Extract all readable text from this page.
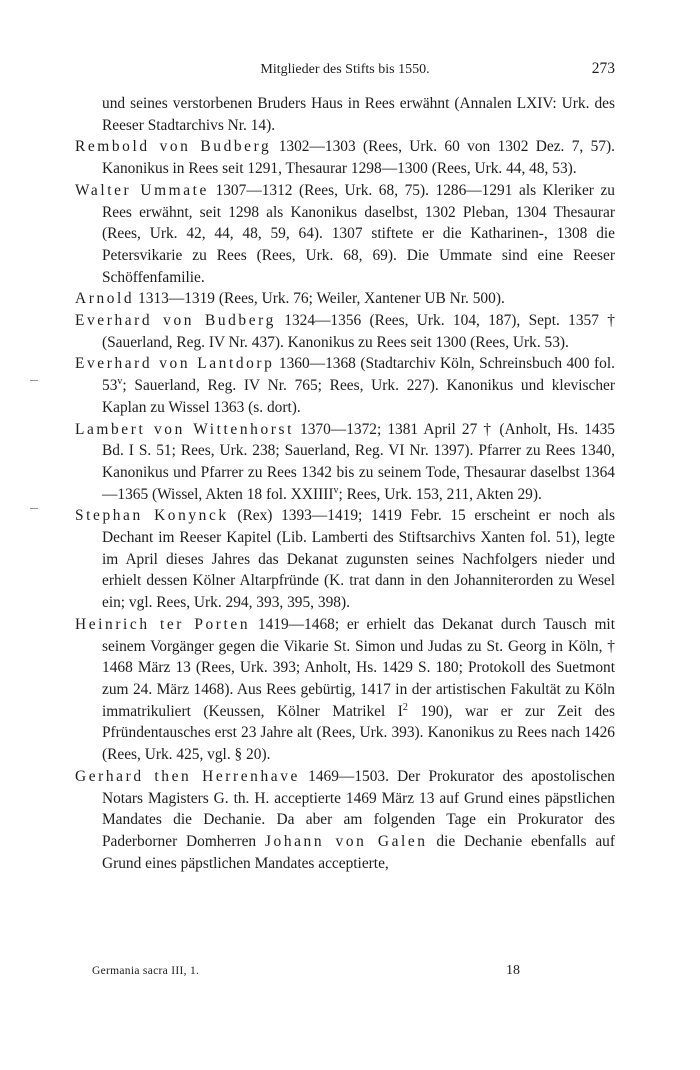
Mitglieder des Stifts bis 1550.	273

und seines verstorbenen Bruders Haus in Rees erwähnt (Annalen LXIV: Urk. des Reeser Stadtarchivs Nr. 14).

Rembold von Budberg 1302—1303 (Rees, Urk. 60 von 1302 Dez. 7, 57). Kanonikus in Rees seit 1291, Thesaurar 1298—1300 (Rees, Urk. 44, 48, 53).

Walter Ummate 1307—1312 (Rees, Urk. 68, 75). 1286—1291 als Kleriker zu Rees erwähnt, seit 1298 als Kanonikus daselbst, 1302 Pleban, 1304 Thesaurar (Rees, Urk. 42, 44, 48, 59, 64). 1307 stiftete er die Katharinen-, 1308 die Petersvikarie zu Rees (Rees, Urk. 68, 69). Die Ummate sind eine Reeser Schöffenfamilie.

Arnold 1313—1319 (Rees, Urk. 76; Weiler, Xantener UB Nr. 500).

Everhard von Budberg 1324—1356 (Rees, Urk. 104, 187), Sept. 1357 † (Sauerland, Reg. IV Nr. 437). Kanonikus zu Rees seit 1300 (Rees, Urk. 53).

Everhard von Lantdorp 1360—1368 (Stadtarchiv Köln, Schreinsbuch 400 fol. 53$^v$; Sauerland, Reg. IV Nr. 765; Rees, Urk. 227). Kanonikus und klevischer Kaplan zu Wissel 1363 (s. dort).

Lambert von Wittenhorst 1370—1372; 1381 April 27 † (Anholt, Hs. 1435 Bd. I S. 51; Rees, Urk. 238; Sauerland, Reg. VI Nr. 1397). Pfarrer zu Rees 1340, Kanonikus und Pfarrer zu Rees 1342 bis zu seinem Tode, Thesaurar daselbst 1364—1365 (Wissel, Akten 18 fol. XXIIII$^v$; Rees, Urk. 153, 211, Akten 29).

Stephan Konynck (Rex) 1393—1419; 1419 Febr. 15 erscheint er noch als Dechant im Reeser Kapitel (Lib. Lamberti des Stiftsarchivs Xanten fol. 51), legte im April dieses Jahres das Dekanat zugunsten seines Nachfolgers nieder und erhielt dessen Kölner Altarpfründe (K. trat dann in den Johanniterorden zu Wesel ein; vgl. Rees, Urk. 294, 393, 395, 398).

Heinrich ter Porten 1419—1468; er erhielt das Dekanat durch Tausch mit seinem Vorgänger gegen die Vikarie St. Simon und Judas zu St. Georg in Köln, † 1468 März 13 (Rees, Urk. 393; Anholt, Hs. 1429 S. 180; Protokoll des Suetmont zum 24. März 1468). Aus Rees gebürtig, 1417 in der artistischen Fakultät zu Köln immatrikuliert (Keussen, Kölner Matrikel $I^2$ 190), war er zur Zeit des Pfründentausches erst 23 Jahre alt (Rees, Urk. 393). Kanonikus zu Rees nach 1426 (Rees, Urk. 425, vgl. § 20).

Gerhard then Herrenhave 1469—1503. Der Prokurator des apostolischen Notars Magisters G. th. H. acceptierte 1469 März 13 auf Grund eines päpstlichen Mandates die Dechanie. Da aber am folgenden Tage ein Prokurator des Paderborner Domherren Johann von Galen die Dechanie ebenfalls auf Grund eines päpstlichen Mandates acceptierte,

Germania sacra III, 1.	18
